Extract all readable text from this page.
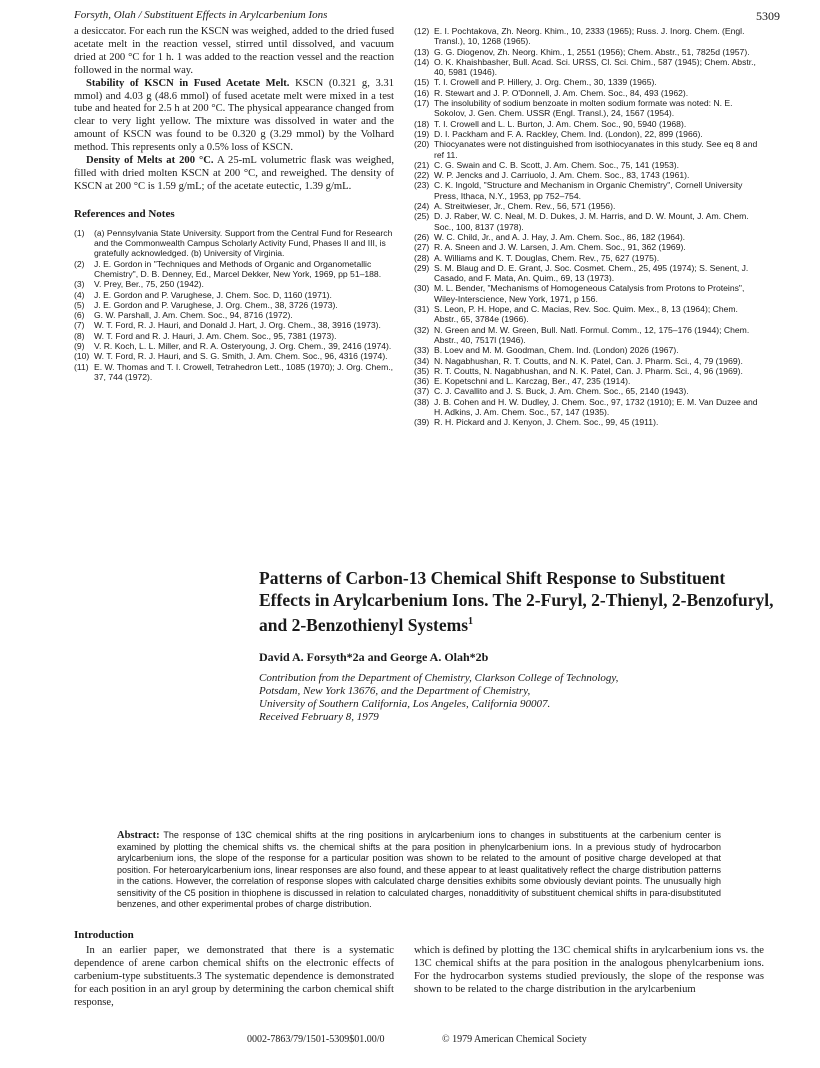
Forsyth, Olah / Substituent Effects in Arylcarbenium Ions	5309

a desiccator. For each run the KSCN was weighed, added to the dried fused acetate melt in the reaction vessel, stirred until dissolved, and vacuum dried at 200 °C for 1 h. 1 was added to the reaction vessel and the reaction followed in the normal way.

Stability of KSCN in Fused Acetate Melt. KSCN (0.321 g, 3.31 mmol) and 4.03 g (48.6 mmol) of fused acetate melt were mixed in a test tube and heated for 2.5 h at 200 °C. The physical appearance changed from clear to very light yellow. The mixture was dissolved in water and the amount of KSCN was found to be 0.320 g (3.29 mmol) by the Volhard method. This represents only a 0.5% loss of KSCN.

Density of Melts at 200 °C. A 25-mL volumetric flask was weighed, filled with dried molten KSCN at 200 °C, and reweighed. The density of KSCN at 200 °C is 1.59 g/mL; of the acetate eutectic, 1.39 g/mL.

References and Notes
(1) (a) Pennsylvania State University. Support from the Central Fund for Research and the Commonwealth Campus Scholarly Activity Fund, Phases II and III, is gratefully acknowledged. (b) University of Virginia.
(2) J. E. Gordon in "Techniques and Methods of Organic and Organometallic Chemistry", D. B. Denney, Ed., Marcel Dekker, New York, 1969, pp 51–188.
(3) V. Prey, Ber., 75, 250 (1942).
(4) J. E. Gordon and P. Varughese, J. Chem. Soc. D, 1160 (1971).
(5) J. E. Gordon and P. Varughese, J. Org. Chem., 38, 3726 (1973).
(6) G. W. Parshall, J. Am. Chem. Soc., 94, 8716 (1972).
(7) W. T. Ford, R. J. Hauri, and Donald J. Hart, J. Org. Chem., 38, 3916 (1973).
(8) W. T. Ford and R. J. Hauri, J. Am. Chem. Soc., 95, 7381 (1973).
(9) V. R. Koch, L. L. Miller, and R. A. Osteryoung, J. Org. Chem., 39, 2416 (1974).
(10) W. T. Ford, R. J. Hauri, and S. G. Smith, J. Am. Chem. Soc., 96, 4316 (1974).
(11) E. W. Thomas and T. I. Crowell, Tetrahedron Lett., 1085 (1970); J. Org. Chem., 37, 744 (1972).
(12) E. I. Pochtakova, Zh. Neorg. Khim., 10, 2333 (1965); Russ. J. Inorg. Chem. (Engl. Transl.), 10, 1268 (1965).
(13) G. G. Diogenov, Zh. Neorg. Khim., 1, 2551 (1956); Chem. Abstr., 51, 7825d (1957).
(14) O. K. Khaishbasher, Bull. Acad. Sci. URSS, Cl. Sci. Chim., 587 (1945); Chem. Abstr., 40, 5981 (1946).
(15) T. I. Crowell and P. Hillery, J. Org. Chem., 30, 1339 (1965).
(16) R. Stewart and J. P. O'Donnell, J. Am. Chem. Soc., 84, 493 (1962).
(17) The insolubility of sodium benzoate in molten sodium formate was noted: N. E. Sokolov, J. Gen. Chem. USSR (Engl. Transl.), 24, 1567 (1954).
(18) T. I. Crowell and L. L. Burton, J. Am. Chem. Soc., 90, 5940 (1968).
(19) D. I. Packham and F. A. Rackley, Chem. Ind. (London), 22, 899 (1966).
(20) Thiocyanates were not distinguished from isothiocyanates in this study. See eq 8 and ref 11.
(21) C. G. Swain and C. B. Scott, J. Am. Chem. Soc., 75, 141 (1953).
(22) W. P. Jencks and J. Carriuolo, J. Am. Chem. Soc., 83, 1743 (1961).
(23) C. K. Ingold, "Structure and Mechanism in Organic Chemistry", Cornell University Press, Ithaca, N.Y., 1953, pp 752–754.
(24) A. Streitwieser, Jr., Chem. Rev., 56, 571 (1956).
(25) D. J. Raber, W. C. Neal, M. D. Dukes, J. M. Harris, and D. W. Mount, J. Am. Chem. Soc., 100, 8137 (1978).
(26) W. C. Child, Jr., and A. J. Hay, J. Am. Chem. Soc., 86, 182 (1964).
(27) R. A. Sneen and J. W. Larsen, J. Am. Chem. Soc., 91, 362 (1969).
(28) A. Williams and K. T. Douglas, Chem. Rev., 75, 627 (1975).
(29) S. M. Blaug and D. E. Grant, J. Soc. Cosmet. Chem., 25, 495 (1974); S. Senent, J. Casado, and F. Mata, An. Quim., 69, 13 (1973).
(30) M. L. Bender, "Mechanisms of Homogeneous Catalysis from Protons to Proteins", Wiley-Interscience, New York, 1971, p 156.
(31) S. Leon, P. H. Hope, and C. Macias, Rev. Soc. Quim. Mex., 8, 13 (1964); Chem. Abstr., 65, 3784e (1966).
(32) N. Green and M. W. Green, Bull. Natl. Formul. Comm., 12, 175–176 (1944); Chem. Abstr., 40, 7517l (1946).
(33) B. Loev and M. M. Goodman, Chem. Ind. (London) 2026 (1967).
(34) N. Nagabhushan, R. T. Coutts, and N. K. Patel, Can. J. Pharm. Sci., 4, 79 (1969).
(35) R. T. Coutts, N. Nagabhushan, and N. K. Patel, Can. J. Pharm. Sci., 4, 96 (1969).
(36) E. Kopetschni and L. Karczag, Ber., 47, 235 (1914).
(37) C. J. Cavallito and J. S. Buck, J. Am. Chem. Soc., 65, 2140 (1943).
(38) J. B. Cohen and H. W. Dudley, J. Chem. Soc., 97, 1732 (1910); E. M. Van Duzee and H. Adkins, J. Am. Chem. Soc., 57, 147 (1935).
(39) R. H. Pickard and J. Kenyon, J. Chem. Soc., 99, 45 (1911).
Patterns of Carbon-13 Chemical Shift Response to Substituent Effects in Arylcarbenium Ions. The 2-Furyl, 2-Thienyl, 2-Benzofuryl, and 2-Benzothienyl Systems$^1$
David A. Forsyth*2a and George A. Olah*2b
Contribution from the Department of Chemistry, Clarkson College of Technology,
Potsdam, New York 13676, and the Department of Chemistry,
University of Southern California, Los Angeles, California 90007.
Received February 8, 1979
Abstract: The response of 13C chemical shifts at the ring positions in arylcarbenium ions to changes in substituents at the carbenium center is examined by plotting the chemical shifts vs. the chemical shifts at the para position in phenylcarbenium ions. In a previous study of hydrocarbon arylcarbenium ions, the slope of the response for a particular position was shown to be related to the amount of positive charge developed at that position. For heteroarylcarbenium ions, linear responses are also found, and these appear to at least qualitatively reflect the charge distribution patterns in the cations. However, the correlation of response slopes with calculated charge densities exhibits some obviously deviant points. The unusually high sensitivity of the C5 position in thiophene is discussed in relation to calculated charges, nonadditivity of substituent chemical shifts in para-disubstituted benzenes, and other experimental probes of charge distribution.
Introduction

In an earlier paper, we demonstrated that there is a systematic dependence of arene carbon chemical shifts on the electronic effects of carbenium-type substituents.3 The systematic dependence is demonstrated for each position in an aryl group by determining the carbon chemical shift response,

which is defined by plotting the 13C chemical shifts in arylcarbenium ions vs. the 13C chemical shifts at the para position in the analogous phenylcarbenium ions. For the hydrocarbon systems studied previously, the slope of the response was shown to be related to the charge distribution in the arylcarbenium

0002-7863/79/1501-5309$01.00/0	© 1979 American Chemical Society
